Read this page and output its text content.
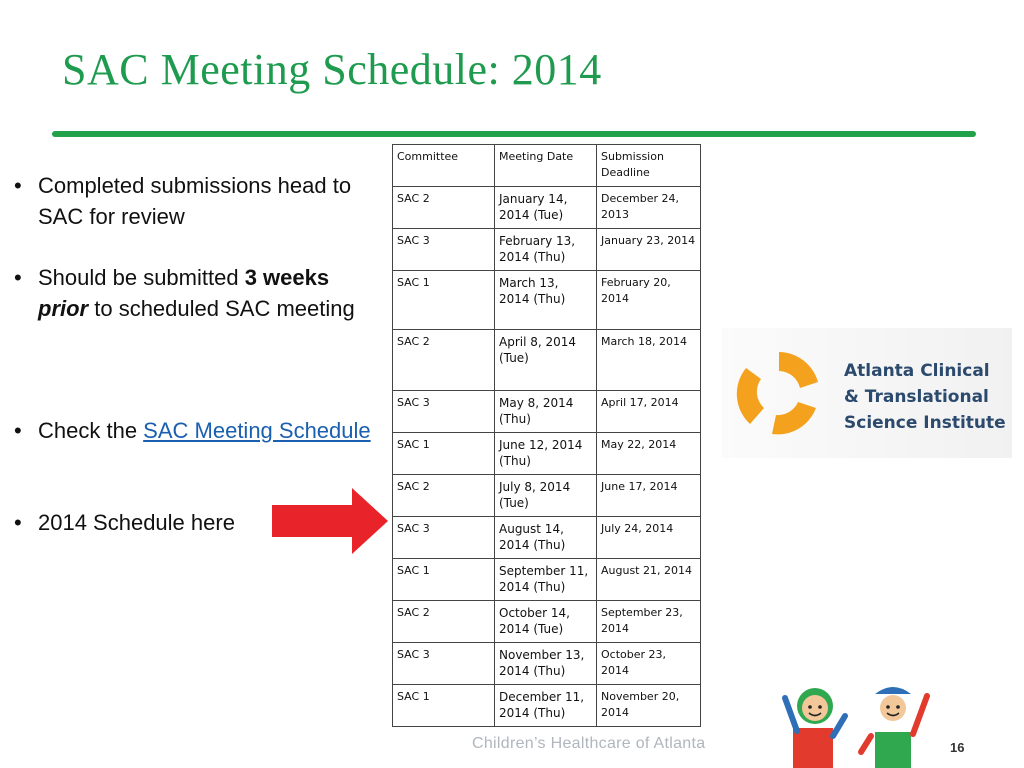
SAC Meeting Schedule: 2014
• Completed submissions head to SAC for review
• Should be submitted 3 weeks prior to scheduled SAC meeting
• Check the SAC Meeting Schedule
• 2014 Schedule here
Committee	Meeting Date	Submission Deadline
SAC 2	January 14, 2014 (Tue)	December 24, 2013
SAC 3	February 13, 2014 (Thu)	January 23, 2014
SAC 1	March 13, 2014 (Thu)	February 20, 2014
SAC 2	April 8, 2014 (Tue)	March 18, 2014
SAC 3	May 8, 2014 (Thu)	April 17, 2014
SAC 1	June 12, 2014 (Thu)	May 22, 2014
SAC 2	July 8, 2014 (Tue)	June 17, 2014
SAC 3	August 14, 2014 (Thu)	July 24, 2014
SAC 1	September 11, 2014 (Thu)	August 21, 2014
SAC 2	October 14, 2014 (Tue)	September 23, 2014
SAC 3	November 13, 2014 (Thu)	October 23, 2014
SAC 1	December 11, 2014 (Thu)	November 20, 2014
Atlanta Clinical
& Translational
Science Institute
Children’s Healthcare of Atlanta	16
